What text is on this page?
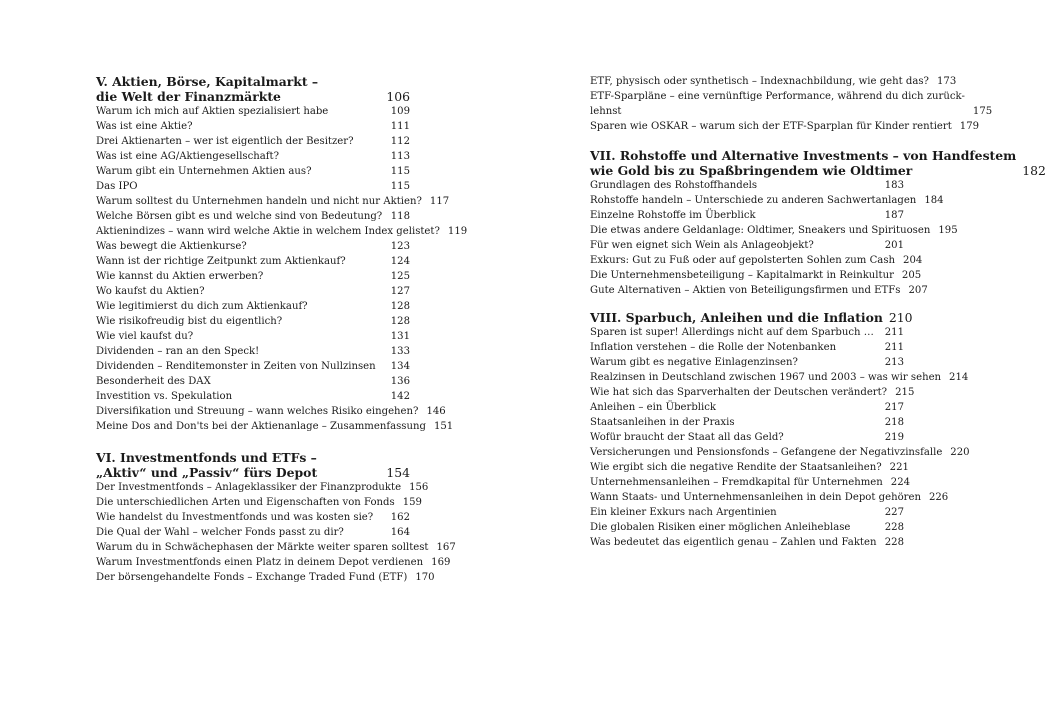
V. Aktien, Börse, Kapitalmarkt –
die Welt der Finanzmärkte	106
Warum ich mich auf Aktien spezialisiert habe	109
Was ist eine Aktie?	111
Drei Aktienarten – wer ist eigentlich der Besitzer?	112
Was ist eine AG/Aktiengesellschaft?	113
Warum gibt ein Unternehmen Aktien aus?	115
Das IPO	115
Warum solltest du Unternehmen handeln und nicht nur Aktien? 117
Welche Börsen gibt es und welche sind von Bedeutung? 118
Aktienindizes – wann wird welche Aktie in welchem Index gelistet? 119
Was bewegt die Aktienkurse?	123
Wann ist der richtige Zeitpunkt zum Aktienkauf?	124
Wie kannst du Aktien erwerben?	125
Wo kaufst du Aktien?	127
Wie legitimierst du dich zum Aktienkauf?	128
Wie risikofreudig bist du eigentlich?	128
Wie viel kaufst du?	131
Dividenden – ran an den Speck!	133
Dividenden – Renditemonster in Zeiten von Nullzinsen	134
Besonderheit des DAX	136
Investition vs. Spekulation	142
Diversifikation und Streuung – wann welches Risiko eingehen? 146
Meine Dos and Don'ts bei der Aktienanlage – Zusammenfassung 151
VI. Investmentfonds und ETFs –
„Aktiv“ und „Passiv“ fürs Depot	154
Der Investmentfonds – Anlageklassiker der Finanzprodukte 156
Die unterschiedlichen Arten und Eigenschaften von Fonds 159
Wie handelst du Investmentfonds und was kosten sie?	162
Die Qual der Wahl – welcher Fonds passt zu dir?	164
Warum du in Schwächephasen der Märkte weiter sparen solltest 167
Warum Investmentfonds einen Platz in deinem Depot verdienen 169
Der börsengehandelte Fonds – Exchange Traded Fund (ETF) 170
ETF, physisch oder synthetisch – Indexnachbildung, wie geht das? 173
ETF-Sparpläne – eine vernünftige Performance, während du dich zurück-
lehnst	175
Sparen wie OSKAR – warum sich der ETF-Sparplan für Kinder rentiert 179
VII. Rohstoffe und Alternative Investments – von Handfestem
wie Gold bis zu Spaßbringendem wie Oldtimer	182
Grundlagen des Rohstoffhandels	183
Rohstoffe handeln – Unterschiede zu anderen Sachwertanlagen 184
Einzelne Rohstoffe im Überblick	187
Die etwas andere Geldanlage: Oldtimer, Sneakers und Spirituosen 195
Für wen eignet sich Wein als Anlageobjekt?	201
Exkurs: Gut zu Fuß oder auf gepolsterten Sohlen zum Cash 204
Die Unternehmensbeteiligung – Kapitalmarkt in Reinkultur 205
Gute Alternativen – Aktien von Beteiligungsfirmen und ETFs 207
VIII. Sparbuch, Anleihen und die Inflation 210
Sparen ist super! Allerdings nicht auf dem Sparbuch … 211
Inflation verstehen – die Rolle der Notenbanken	211
Warum gibt es negative Einlagenzinsen?	213
Realzinsen in Deutschland zwischen 1967 und 2003 – was wir sehen 214
Wie hat sich das Sparverhalten der Deutschen verändert? 215
Anleihen – ein Überblick	217
Staatsanleihen in der Praxis	218
Wofür braucht der Staat all das Geld?	219
Versicherungen und Pensionsfonds – Gefangene der Negativzinsfalle 220
Wie ergibt sich die negative Rendite der Staatsanleihen? 221
Unternehmensanleihen – Fremdkapital für Unternehmen 224
Wann Staats- und Unternehmensanleihen in dein Depot gehören 226
Ein kleiner Exkurs nach Argentinien	227
Die globalen Risiken einer möglichen Anleiheblase	228
Was bedeutet das eigentlich genau – Zahlen und Fakten 228
